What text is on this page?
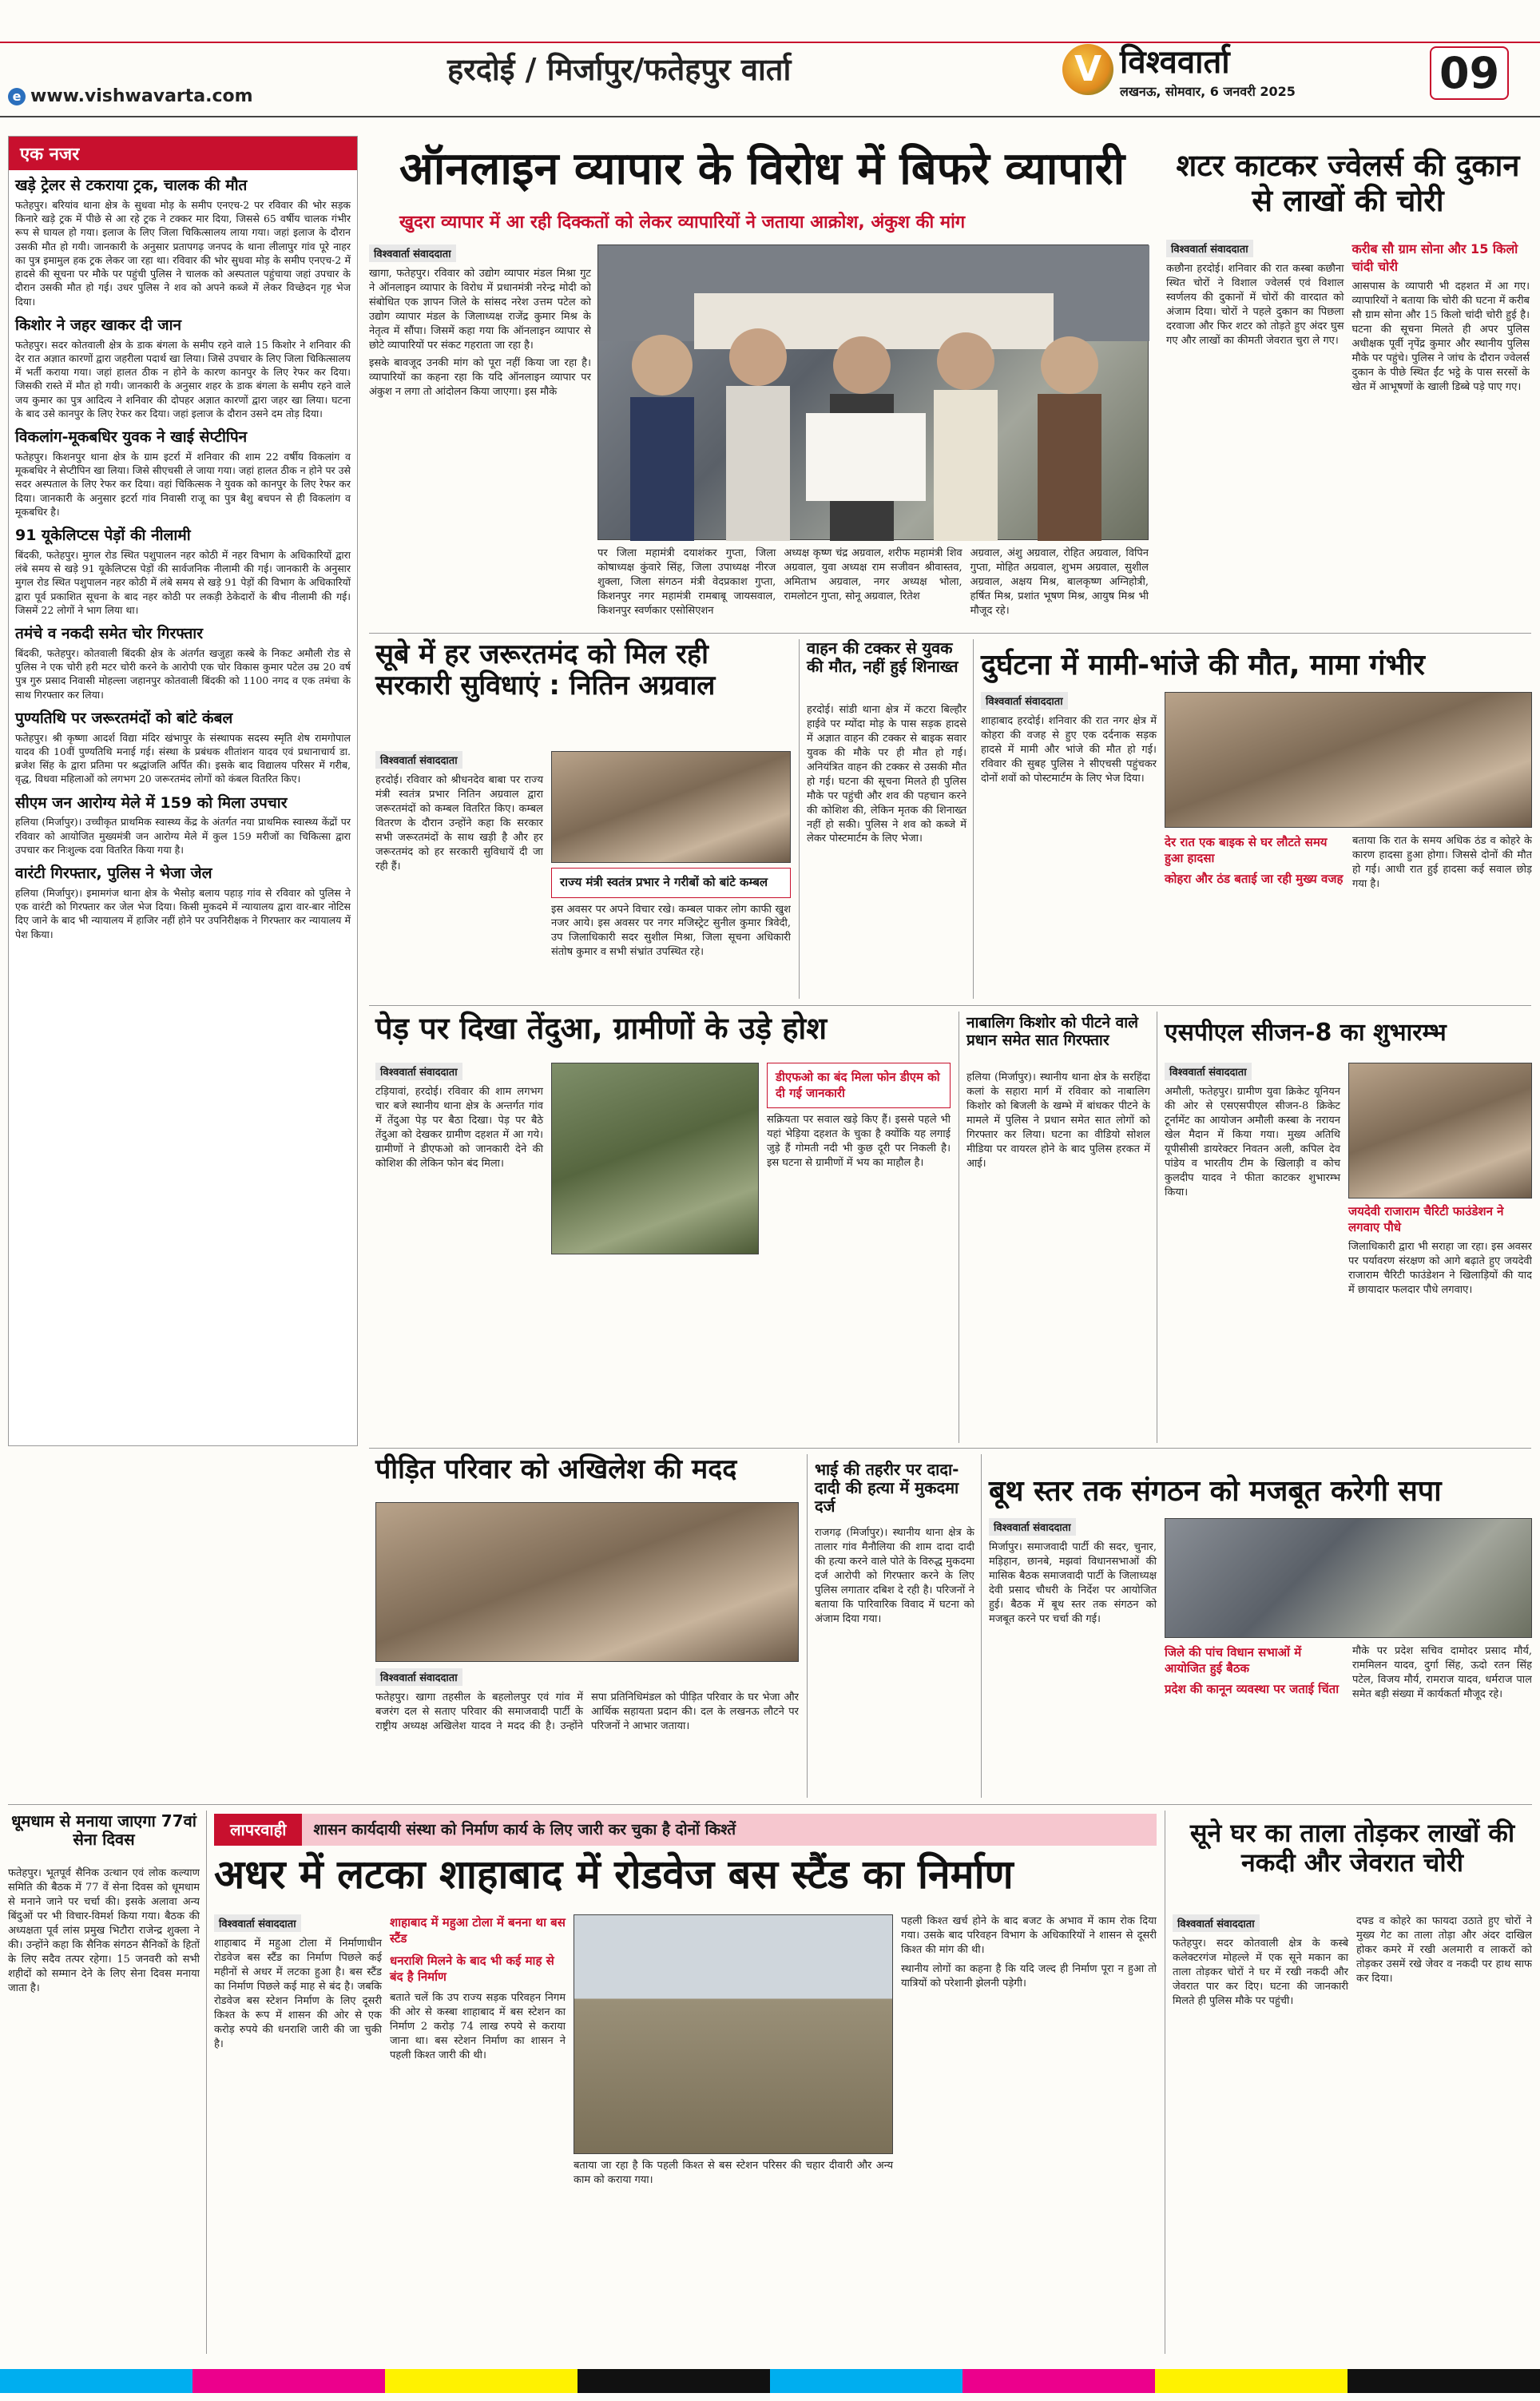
हरदोई / मिर्जापुर/फतेहपुर वार्ता	V विश्ववार्ता
लखनऊ, सोमवार, 6 जनवरी 2025	09
e www.vishwavarta.com
एक नजर
खड़े ट्रेलर से टकराया ट्रक, चालक की मौत

फतेहपुर। बरियांव थाना क्षेत्र के सुधवा मोड़ के समीप एनएच-2 पर रविवार की भोर सड़क किनारे खड़े ट्रक में पीछे से आ रहे ट्रक ने टक्कर मार दिया, जिससे 65 वर्षीय चालक गंभीर रूप से घायल हो गया। इलाज के लिए जिला चिकित्सालय लाया गया। जहां इलाज के दौरान उसकी मौत हो गयी। जानकारी के अनुसार प्रतापगढ़ जनपद के थाना लीलापुर गांव पूरे नाहर का पुत्र इमामुल हक ट्रक लेकर जा रहा था। रविवार की भोर सुधवा मोड़ के समीप एनएच-2 में हादसे की सूचना पर मौके पर पहुंची पुलिस ने चालक को अस्पताल पहुंचाया जहां उपचार के दौरान उसकी मौत हो गई। उधर पुलिस ने शव को अपने कब्जे में लेकर विच्छेदन गृह भेज दिया।

किशोर ने जहर खाकर दी जान

फतेहपुर। सदर कोतवाली क्षेत्र के डाक बंगला के समीप रहने वाले 15 किशोर ने शनिवार की देर रात अज्ञात कारणों द्वारा जहरीला पदार्थ खा लिया। जिसे उपचार के लिए जिला चिकित्सालय में भर्ती कराया गया। जहां हालत ठीक न होने के कारण कानपुर के लिए रेफर कर दिया। जिसकी रास्ते में मौत हो गयी। जानकारी के अनुसार शहर के डाक बंगला के समीप रहने वाले जय कुमार का पुत्र आदित्य ने शनिवार की दोपहर अज्ञात कारणों द्वारा जहर खा लिया। घटना के बाद उसे कानपुर के लिए रेफर कर दिया। जहां इलाज के दौरान उसने दम तोड़ दिया।

विकलांग-मूकबधिर युवक ने खाई सेप्टीपिन

फतेहपुर। किशनपुर थाना क्षेत्र के ग्राम इटर्रा में शनिवार की शाम 22 वर्षीय विकलांग व मूकबधिर ने सेप्टीपिन खा लिया। जिसे सीएचसी ले जाया गया। जहां हालत ठीक न होने पर उसे सदर अस्पताल के लिए रेफर कर दिया। वहां चिकित्सक ने युवक को कानपुर के लिए रेफर कर दिया। जानकारी के अनुसार इटर्रा गांव निवासी राजू का पुत्र बैशु बचपन से ही विकलांग व मूकबधिर है।

91 यूकेलिप्टस पेड़ों की नीलामी

बिंदकी, फतेहपुर। मुगल रोड स्थित पशुपालन नहर कोठी में नहर विभाग के अधिकारियों द्वारा लंबे समय से खड़े 91 यूकेलिप्टस पेड़ों की सार्वजनिक नीलामी की गई। जानकारी के अनुसार मुगल रोड स्थित पशुपालन नहर कोठी में लंबे समय से खड़े 91 पेड़ों की विभाग के अधिकारियों द्वारा पूर्व प्रकाशित सूचना के बाद नहर कोठी पर लकड़ी ठेकेदारों के बीच नीलामी की गई। जिसमें 22 लोगों ने भाग लिया था।

तमंचे व नकदी समेत चोर गिरफ्तार

बिंदकी, फतेहपुर। कोतवाली बिंदकी क्षेत्र के अंतर्गत खजुहा कस्बे के निकट अमौली रोड से पुलिस ने एक चोरी हरी मटर चोरी करने के आरोपी एक चोर विकास कुमार पटेल उम्र 20 वर्ष पुत्र गुरु प्रसाद निवासी मोहल्ला जहानपुर कोतवाली बिंदकी को 1100 नगद व एक तमंचा के साथ गिरफ्तार कर लिया।

पुण्यतिथि पर जरूरतमंदों को बांटे कंबल

फतेहपुर। श्री कृष्णा आदर्श विद्या मंदिर खंभापुर के संस्थापक सदस्य स्मृति शेष रामगोपाल यादव की 10वीं पुण्यतिथि मनाई गई। संस्था के प्रबंधक शीतांशन यादव एवं प्रधानाचार्य डा. ब्रजेश सिंह के द्वारा प्रतिमा पर श्रद्धांजलि अर्पित की। इसके बाद विद्यालय परिसर में गरीब, वृद्ध, विधवा महिलाओं को लगभग 20 जरूरतमंद लोगों को कंबल वितरित किए।

सीएम जन आरोग्य मेले में 159 को मिला उपचार

हलिया (मिर्जापुर)। उच्चीकृत प्राथमिक स्वास्थ्य केंद्र के अंतर्गत नया प्राथमिक स्वास्थ्य केंद्रों पर रविवार को आयोजित मुख्यमंत्री जन आरोग्य मेले में कुल 159 मरीजों का चिकित्सा द्वारा उपचार कर निःशुल्क दवा वितरित किया गया है।

वारंटी गिरफ्तार, पुलिस ने भेजा जेल

हलिया (मिर्जापुर)। इमामगंज थाना क्षेत्र के भैसोड़ बलाय पहाड़ गांव से रविवार को पुलिस ने एक वारंटी को गिरफ्तार कर जेल भेज दिया। किसी मुकदमे में न्यायालय द्वारा वार-बार नोटिस दिए जाने के बाद भी न्यायालय में हाजिर नहीं होने पर उपनिरीक्षक ने गिरफ्तार कर न्यायालय में पेश किया।

ऑनलाइन व्यापार के विरोध में बिफरे व्यापारी
खुदरा व्यापार में आ रही दिक्कतों को लेकर व्यापारियों ने जताया आक्रोश, अंकुश की मांग
विश्ववार्ता संवाददाता

खागा, फतेहपुर। रविवार को उद्योग व्यापार मंडल मिश्रा गुट ने ऑनलाइन व्यापार के विरोध में प्रधानमंत्री नरेन्द्र मोदी को संबोधित एक ज्ञापन जिले के सांसद नरेश उत्तम पटेल को उद्योग व्यापार मंडल के जिलाध्यक्ष राजेंद्र कुमार मिश्र के नेतृत्व में सौंपा। जिसमें कहा गया कि ऑनलाइन व्यापार से छोटे व्यापारियों पर संकट गहराता जा रहा है।

इसके बावजूद उनकी मांग को पूरा नहीं किया जा रहा है। व्यापारियों का कहना रहा कि यदि ऑनलाइन व्यापार पर अंकुश न लगा तो आंदोलन किया जाएगा। इस मौके

पर जिला महामंत्री दयाशंकर गुप्ता, जिला कोषाध्यक्ष कुंवारे सिंह, जिला उपाध्यक्ष नीरज शुक्ला, जिला संगठन मंत्री वेदप्रकाश गुप्ता, किशनपुर नगर महामंत्री रामबाबू जायसवाल, किशनपुर स्वर्णकार एसोसिएशन

अध्यक्ष कृष्ण चंद्र अग्रवाल, शरीफ महामंत्री शिव अग्रवाल, युवा अध्यक्ष राम सजीवन श्रीवास्तव, अमिताभ अग्रवाल, नगर अध्यक्ष भोला, रामलोटन गुप्ता, सोनू अग्रवाल, रितेश

अग्रवाल, अंशु अग्रवाल, रोहित अग्रवाल, विपिन गुप्ता, मोहित अग्रवाल, शुभम अग्रवाल, सुशील अग्रवाल, अक्षय मिश्र, बालकृष्ण अग्निहोत्री, हर्षित मिश्र, प्रशांत भूषण मिश्र, आयुष मिश्र भी मौजूद रहे।

शटर काटकर ज्वेलर्स की दुकान से लाखों की चोरी
विश्ववार्ता संवाददाता

कछौना हरदोई। शनिवार की रात कस्बा कछौना स्थित चोरों ने विशाल ज्वेलर्स एवं विशाल स्वर्णलय की दुकानों में चोरों की वारदात को अंजाम दिया। चोरों ने पहले दुकान का पिछला दरवाजा और फिर शटर को तोड़ते हुए अंदर घुस गए और लाखों का कीमती जेवरात चुरा ले गए।

करीब सौ ग्राम सोना और 15 किलो चांदी चोरी

आसपास के व्यापारी भी दहशत में आ गए। व्यापारियों ने बताया कि चोरी की घटना में करीब सौ ग्राम सोना और 15 किलो चांदी चोरी हुई है। घटना की सूचना मिलते ही अपर पुलिस अधीक्षक पूर्वी नृपेंद्र कुमार और स्थानीय पुलिस मौके पर पहुंचे। पुलिस ने जांच के दौरान ज्वेलर्स दुकान के पीछे स्थित ईंट भट्ठे के पास सरसों के खेत में आभूषणों के खाली डिब्बे पड़े पाए गए।

सूबे में हर जरूरतमंद को मिल रही सरकारी सुविधाएं : नितिन अग्रवाल
विश्ववार्ता संवाददाता

हरदोई। रविवार को श्रीधनदेव बाबा पर राज्य मंत्री स्वतंत्र प्रभार नितिन अग्रवाल द्वारा जरूरतमंदों को कम्बल वितरित किए। कम्बल वितरण के दौरान उन्होंने कहा कि सरकार सभी जरूरतमंदों के साथ खड़ी है और हर जरूरतमंद को हर सरकारी सुविधायें दी जा रही हैं।

राज्य मंत्री स्वतंत्र प्रभार ने गरीबों को बांटे कम्बल

इस अवसर पर अपने विचार रखे। कम्बल पाकर लोग काफी खुश नजर आये। इस अवसर पर नगर मजिस्ट्रेट सुनील कुमार त्रिवेदी, उप जिलाधिकारी सदर सुशील मिश्रा, जिला सूचना अधिकारी संतोष कुमार व सभी संभ्रांत उपस्थित रहे।

वाहन की टक्कर से युवक की मौत, नहीं हुई शिनाख्त

हरदोई। सांडी थाना क्षेत्र में कटरा बिल्हौर हाईवे पर म्योंदा मोड़ के पास सड़क हादसे में अज्ञात वाहन की टक्कर से बाइक सवार युवक की मौके पर ही मौत हो गई। अनियंत्रित वाहन की टक्कर से उसकी मौत हो गई। घटना की सूचना मिलते ही पुलिस मौके पर पहुंची और शव की पहचान करने की कोशिश की, लेकिन मृतक की शिनाख्त नहीं हो सकी। पुलिस ने शव को कब्जे में लेकर पोस्टमार्टम के लिए भेजा।

दुर्घटना में मामी-भांजे की मौत, मामा गंभीर
विश्ववार्ता संवाददाता

शाहाबाद हरदोई। शनिवार की रात नगर क्षेत्र में कोहरा की वजह से हुए एक दर्दनाक सड़क हादसे में मामी और भांजे की मौत हो गई। रविवार की सुबह पुलिस ने सीएचसी पहुंचकर दोनों शवों को पोस्टमार्टम के लिए भेज दिया।

देर रात एक बाइक से घर लौटते समय हुआ हादसा
कोहरा और ठंड बताई जा रही मुख्य वजह

बताया कि रात के समय अधिक ठंड व कोहरे के कारण हादसा हुआ होगा। जिससे दोनों की मौत हो गई। आधी रात हुई हादसा कई सवाल छोड़ गया है।

पेड़ पर दिखा तेंदुआ, ग्रामीणों के उड़े होश
विश्ववार्ता संवाददाता

टड़ियावां, हरदोई। रविवार की शाम लगभग चार बजे स्थानीय थाना क्षेत्र के अन्तर्गत गांव में तेंदुआ पेड़ पर बैठा दिखा। पेड़ पर बैठे तेंदुआ को देखकर ग्रामीण दहशत में आ गये। ग्रामीणों ने डीएफओ को जानकारी देने की कोशिश की लेकिन फोन बंद मिला।

डीएफओ का बंद मिला फोन डीएम को दी गई जानकारी

सक्रियता पर सवाल खड़े किए हैं। इससे पहले भी यहां भेड़िया दहशत के चुका है क्योंकि यह लगाई जुड़े हैं गोमती नदी भी कुछ दूरी पर निकली है। इस घटना से ग्रामीणों में भय का माहौल है।

नाबालिग किशोर को पीटने वाले प्रधान समेत सात गिरफ्तार

हलिया (मिर्जापुर)। स्थानीय थाना क्षेत्र के सरहिंदा कलां के सहारा मार्ग में रविवार को नाबालिग किशोर को बिजली के खम्भे में बांधकर पीटने के मामले में पुलिस ने प्रधान समेत सात लोगों को गिरफ्तार कर लिया। घटना का वीडियो सोशल मीडिया पर वायरल होने के बाद पुलिस हरकत में आई।

एसपीएल सीजन-8 का शुभारम्भ
विश्ववार्ता संवाददाता

अमौली, फतेहपुर। ग्रामीण युवा क्रिकेट यूनियन की ओर से एसएसपीएल सीजन-8 क्रिकेट टूर्नामेंट का आयोजन अमौली कस्बा के नरायन खेल मैदान में किया गया। मुख्य अतिथि यूपीसीसी डायरेक्टर निवतन अली, कपिल देव पांडेय व भारतीय टीम के खिलाड़ी व कोच कुलदीप यादव ने फीता काटकर शुभारम्भ किया।

जयदेवी राजाराम चैरिटी फाउंडेशन ने लगवाए पौधे

जिलाधिकारी द्वारा भी सराहा जा रहा। इस अवसर पर पर्यावरण संरक्षण को आगे बढ़ाते हुए जयदेवी राजाराम चैरिटी फाउंडेशन ने खिलाड़ियों की याद में छायादार फलदार पौधे लगवाए।

पीड़ित परिवार को अखिलेश की मदद
विश्ववार्ता संवाददाता

फतेहपुर। खागा तहसील के बहलोलपुर एवं गांव में बजरंग दल से सताए परिवार की समाजवादी पार्टी के राष्ट्रीय अध्यक्ष अखिलेश यादव ने मदद की है। उन्होंने सपा प्रतिनिधिमंडल को पीड़ित परिवार के घर भेजा और आर्थिक सहायता प्रदान की। दल के लखनऊ लौटने पर परिजनों ने आभार जताया।

भाई की तहरीर पर दादा-दादी की हत्या में मुकदमा दर्ज

राजगढ़ (मिर्जापुर)। स्थानीय थाना क्षेत्र के तालार गांव मैनौलिया की शाम दादा दादी की हत्या करने वाले पोते के विरुद्ध मुकदमा दर्ज आरोपी को गिरफ्तार करने के लिए पुलिस लगातार दबिश दे रही है। परिजनों ने बताया कि पारिवारिक विवाद में घटना को अंजाम दिया गया।

बूथ स्तर तक संगठन को मजबूत करेगी सपा
विश्ववार्ता संवाददाता

मिर्जापुर। समाजवादी पार्टी की सदर, चुनार, मड़िहान, छानबे, मझवां विधानसभाओं की मासिक बैठक समाजवादी पार्टी के जिलाध्यक्ष देवी प्रसाद चौधरी के निर्देश पर आयोजित हुई। बैठक में बूथ स्तर तक संगठन को मजबूत करने पर चर्चा की गई।

जिले की पांच विधान सभाओं में आयोजित हुई बैठक
प्रदेश की कानून व्यवस्था पर जताई चिंता

मौके पर प्रदेश सचिव दामोदर प्रसाद मौर्य, राममिलन यादव, दुर्गा सिंह, ऊदो रतन सिंह पटेल, विजय मौर्य, रामराज यादव, धर्मराज पाल समेत बड़ी संख्या में कार्यकर्ता मौजूद रहे।

धूमधाम से मनाया जाएगा 77वां सेना दिवस

फतेहपुर। भूतपूर्व सैनिक उत्थान एवं लोक कल्याण समिति की बैठक में 77 वें सेना दिवस को धूमधाम से मनाने जाने पर चर्चा की। इसके अलावा अन्य बिंदुओं पर भी विचार-विमर्श किया गया। बैठक की अध्यक्षता पूर्व लांस प्रमुख भिटौरा राजेन्द्र शुक्ला ने की। उन्होंने कहा कि सैनिक संगठन सैनिकों के हितों के लिए सदैव तत्पर रहेगा। 15 जनवरी को सभी शहीदों को सम्मान देने के लिए सेना दिवस मनाया जाता है।

लापरवाही	शासन कार्यदायी संस्था को निर्माण कार्य के लिए जारी कर चुका है दोनों किश्तें
अधर में लटका शाहाबाद में रोडवेज बस स्टैंड का निर्माण
विश्ववार्ता संवाददाता

शाहाबाद में महुआ टोला में निर्माणाधीन रोडवेज बस स्टैंड का निर्माण पिछले कई महीनों से अधर में लटका हुआ है। बस स्टैंड का निर्माण पिछले कई माह से बंद है। जबकि रोडवेज बस स्टेशन निर्माण के लिए दूसरी किश्त के रूप में शासन की ओर से एक करोड़ रुपये की धनराशि जारी की जा चुकी है।

शाहाबाद में महुआ टोला में बनना था बस स्टैंड
धनराशि मिलने के बाद भी कई माह से बंद है निर्माण

बताते चलें कि उप राज्य सड़क परिवहन निगम की ओर से कस्बा शाहाबाद में बस स्टेशन का निर्माण 2 करोड़ 74 लाख रुपये से कराया जाना था। बस स्टेशन निर्माण का शासन ने पहली किश्त जारी की थी।

बताया जा रहा है कि पहली किश्त से बस स्टेशन परिसर की चहार दीवारी और अन्य काम को कराया गया।

पहली किश्त खर्च होने के बाद बजट के अभाव में काम रोक दिया गया। उसके बाद परिवहन विभाग के अधिकारियों ने शासन से दूसरी किश्त की मांग की थी।

स्थानीय लोगों का कहना है कि यदि जल्द ही निर्माण पूरा न हुआ तो यात्रियों को परेशानी झेलनी पड़ेगी।

सूने घर का ताला तोड़कर लाखों की नकदी और जेवरात चोरी
विश्ववार्ता संवाददाता

फतेहपुर। सदर कोतवाली क्षेत्र के कस्बे कलेक्टरगंज मोहल्ले में एक सूने मकान का ताला तोड़कर चोरों ने घर में रखी नकदी और जेवरात पार कर दिए। घटना की जानकारी मिलते ही पुलिस मौके पर पहुंची।

दफ्ड व कोहरे का फायदा उठाते हुए चोरों ने मुख्य गेट का ताला तोड़ा और अंदर दाखिल होकर कमरे में रखी अलमारी व लाकरों को तोड़कर उसमें रखे जेवर व नकदी पर हाथ साफ कर दिया।
